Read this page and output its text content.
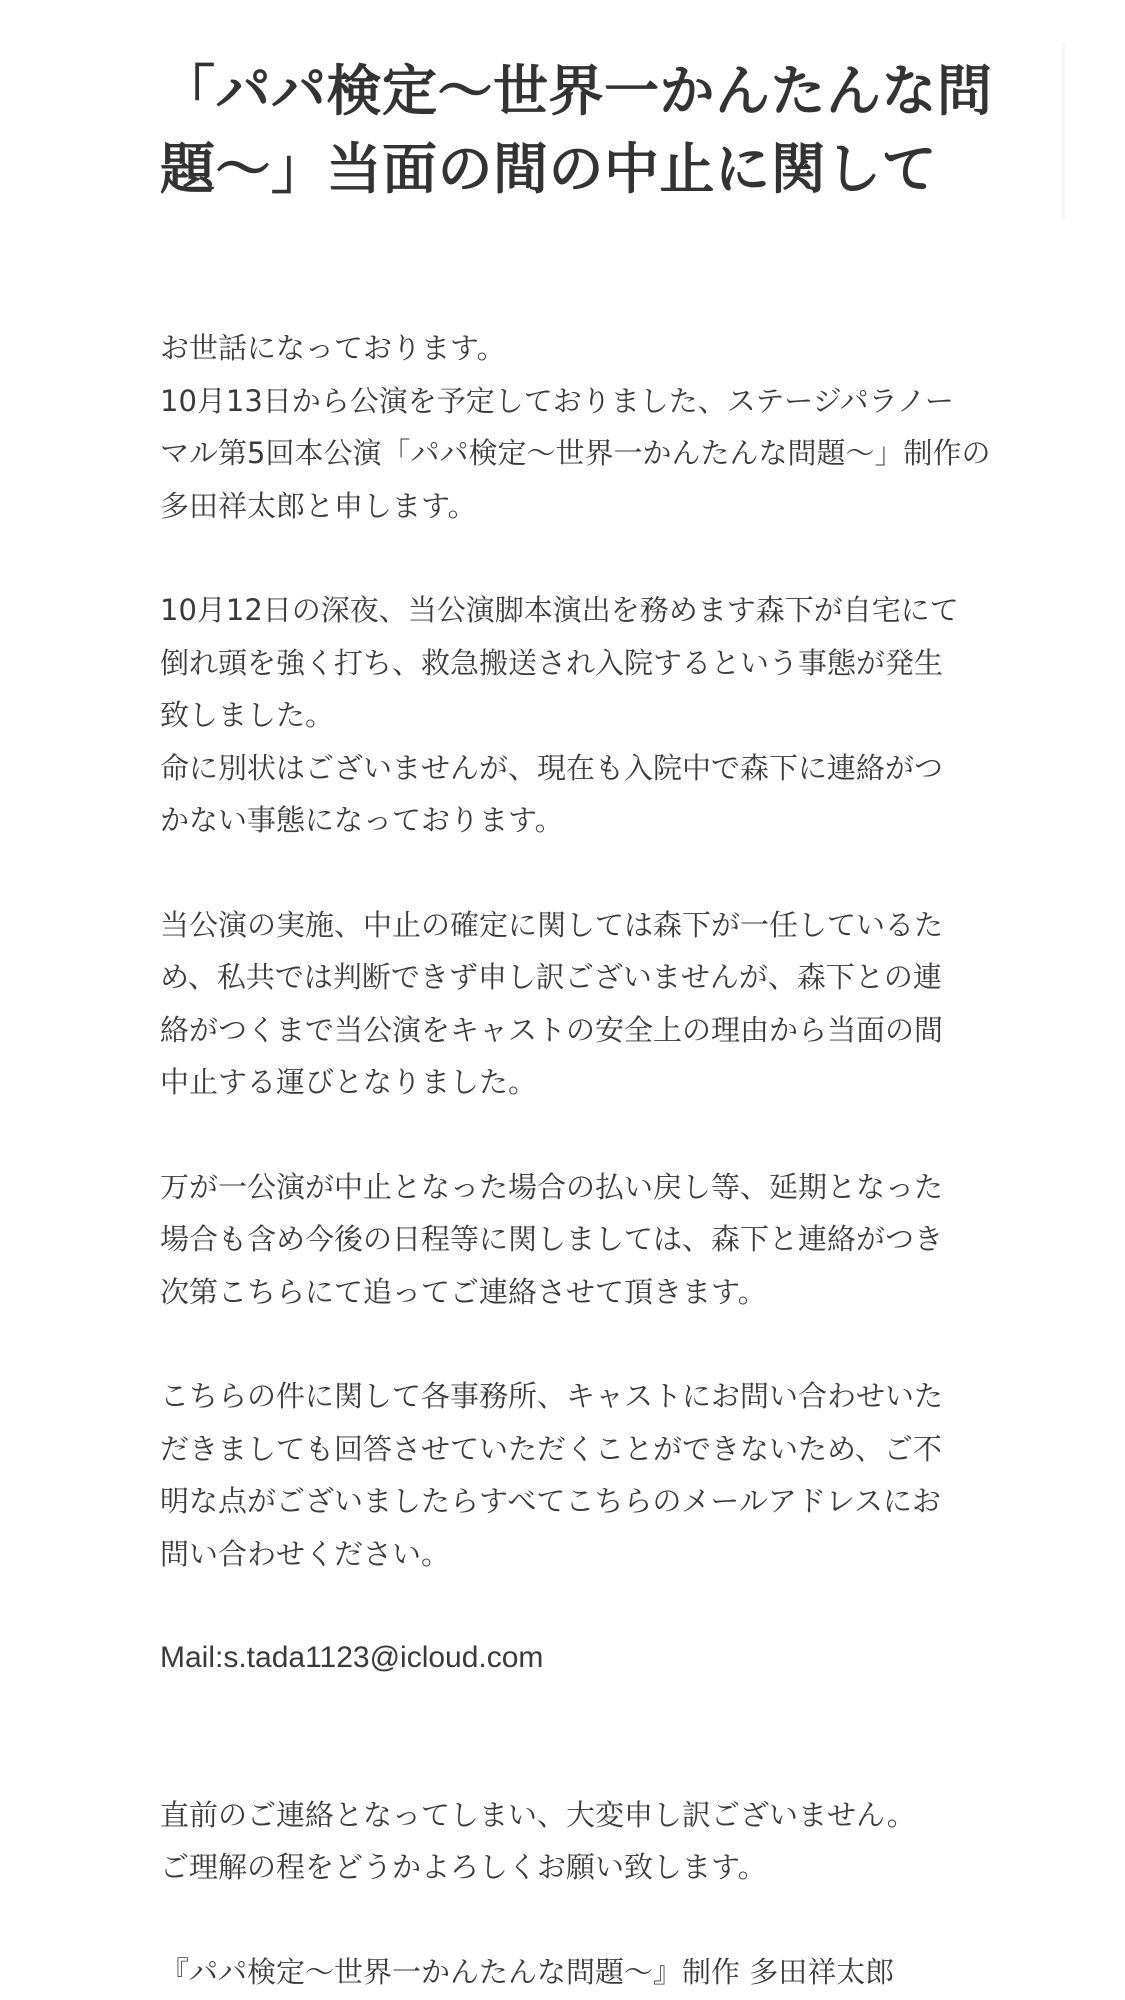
「パパ検定〜世界一かんたんな問
題〜」当面の間の中止に関して

お世話になっております。
10月13日から公演を予定しておりました、ステージパラノー
マル第5回本公演「パパ検定〜世界一かんたんな問題〜」制作の
多田祥太郎と申します。

10月12日の深夜、当公演脚本演出を務めます森下が自宅にて
倒れ頭を強く打ち、救急搬送され入院するという事態が発生
致しました。
命に別状はございませんが、現在も入院中で森下に連絡がつ
かない事態になっております。

当公演の実施、中止の確定に関しては森下が一任しているた
め、私共では判断できず申し訳ございませんが、森下との連
絡がつくまで当公演をキャストの安全上の理由から当面の間
中止する運びとなりました。

万が一公演が中止となった場合の払い戻し等、延期となった
場合も含め今後の日程等に関しましては、森下と連絡がつき
次第こちらにて追ってご連絡させて頂きます。

こちらの件に関して各事務所、キャストにお問い合わせいた
だきましても回答させていただくことができないため、ご不
明な点がございましたらすべてこちらのメールアドレスにお
問い合わせください。

Mail:s.tada1123@icloud.com

直前のご連絡となってしまい、大変申し訳ございません。
ご理解の程をどうかよろしくお願い致します。

『パパ検定〜世界一かんたんな問題〜』制作 多田祥太郎
